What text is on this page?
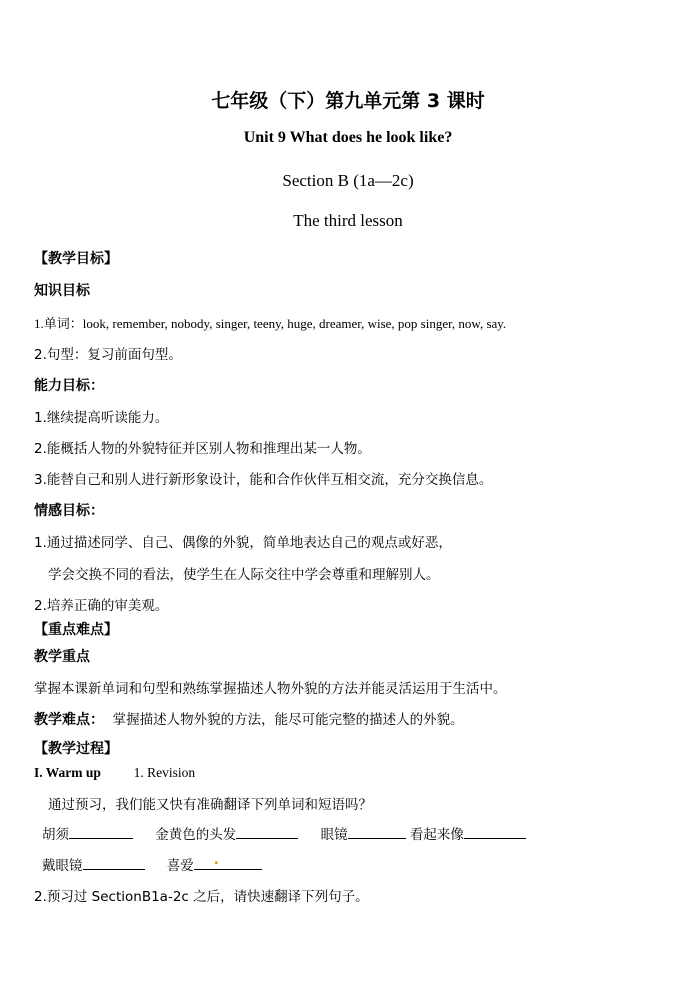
七年级（下）第九单元第 3 课时
Unit 9 What does he look like?
Section B (1a—2c)
The third lesson
【教学目标】
知识目标
1.单词：look, remember, nobody, singer, teeny, huge, dreamer, wise, pop singer, now, say.
2.句型：复习前面句型。
能力目标：
1.继续提高听读能力。
2.能概括人物的外貌特征并区别人物和推理出某一人物。
3.能替自己和别人进行新形象设计，能和合作伙伴互相交流，充分交换信息。
情感目标：
1.通过描述同学、自己、偶像的外貌，简单地表达自己的观点或好恶，
学会交换不同的看法，使学生在人际交往中学会尊重和理解别人。
2.培养正确的审美观。
【重点难点】
教学重点
掌握本课新单词和句型和熟练掌握描述人物外貌的方法并能灵活运用于生活中。
教学难点： 掌握描述人物外貌的方法，能尽可能完整的描述人的外貌。
【教学过程】
I. Warm up 1. Revision
通过预习，我们能又快有准确翻译下列单词和短语吗？
胡须	金黄色的头发	眼镜	看起来像
戴眼镜	喜爱 .
2.预习过 SectionB1a-2c 之后，请快速翻译下列句子。
